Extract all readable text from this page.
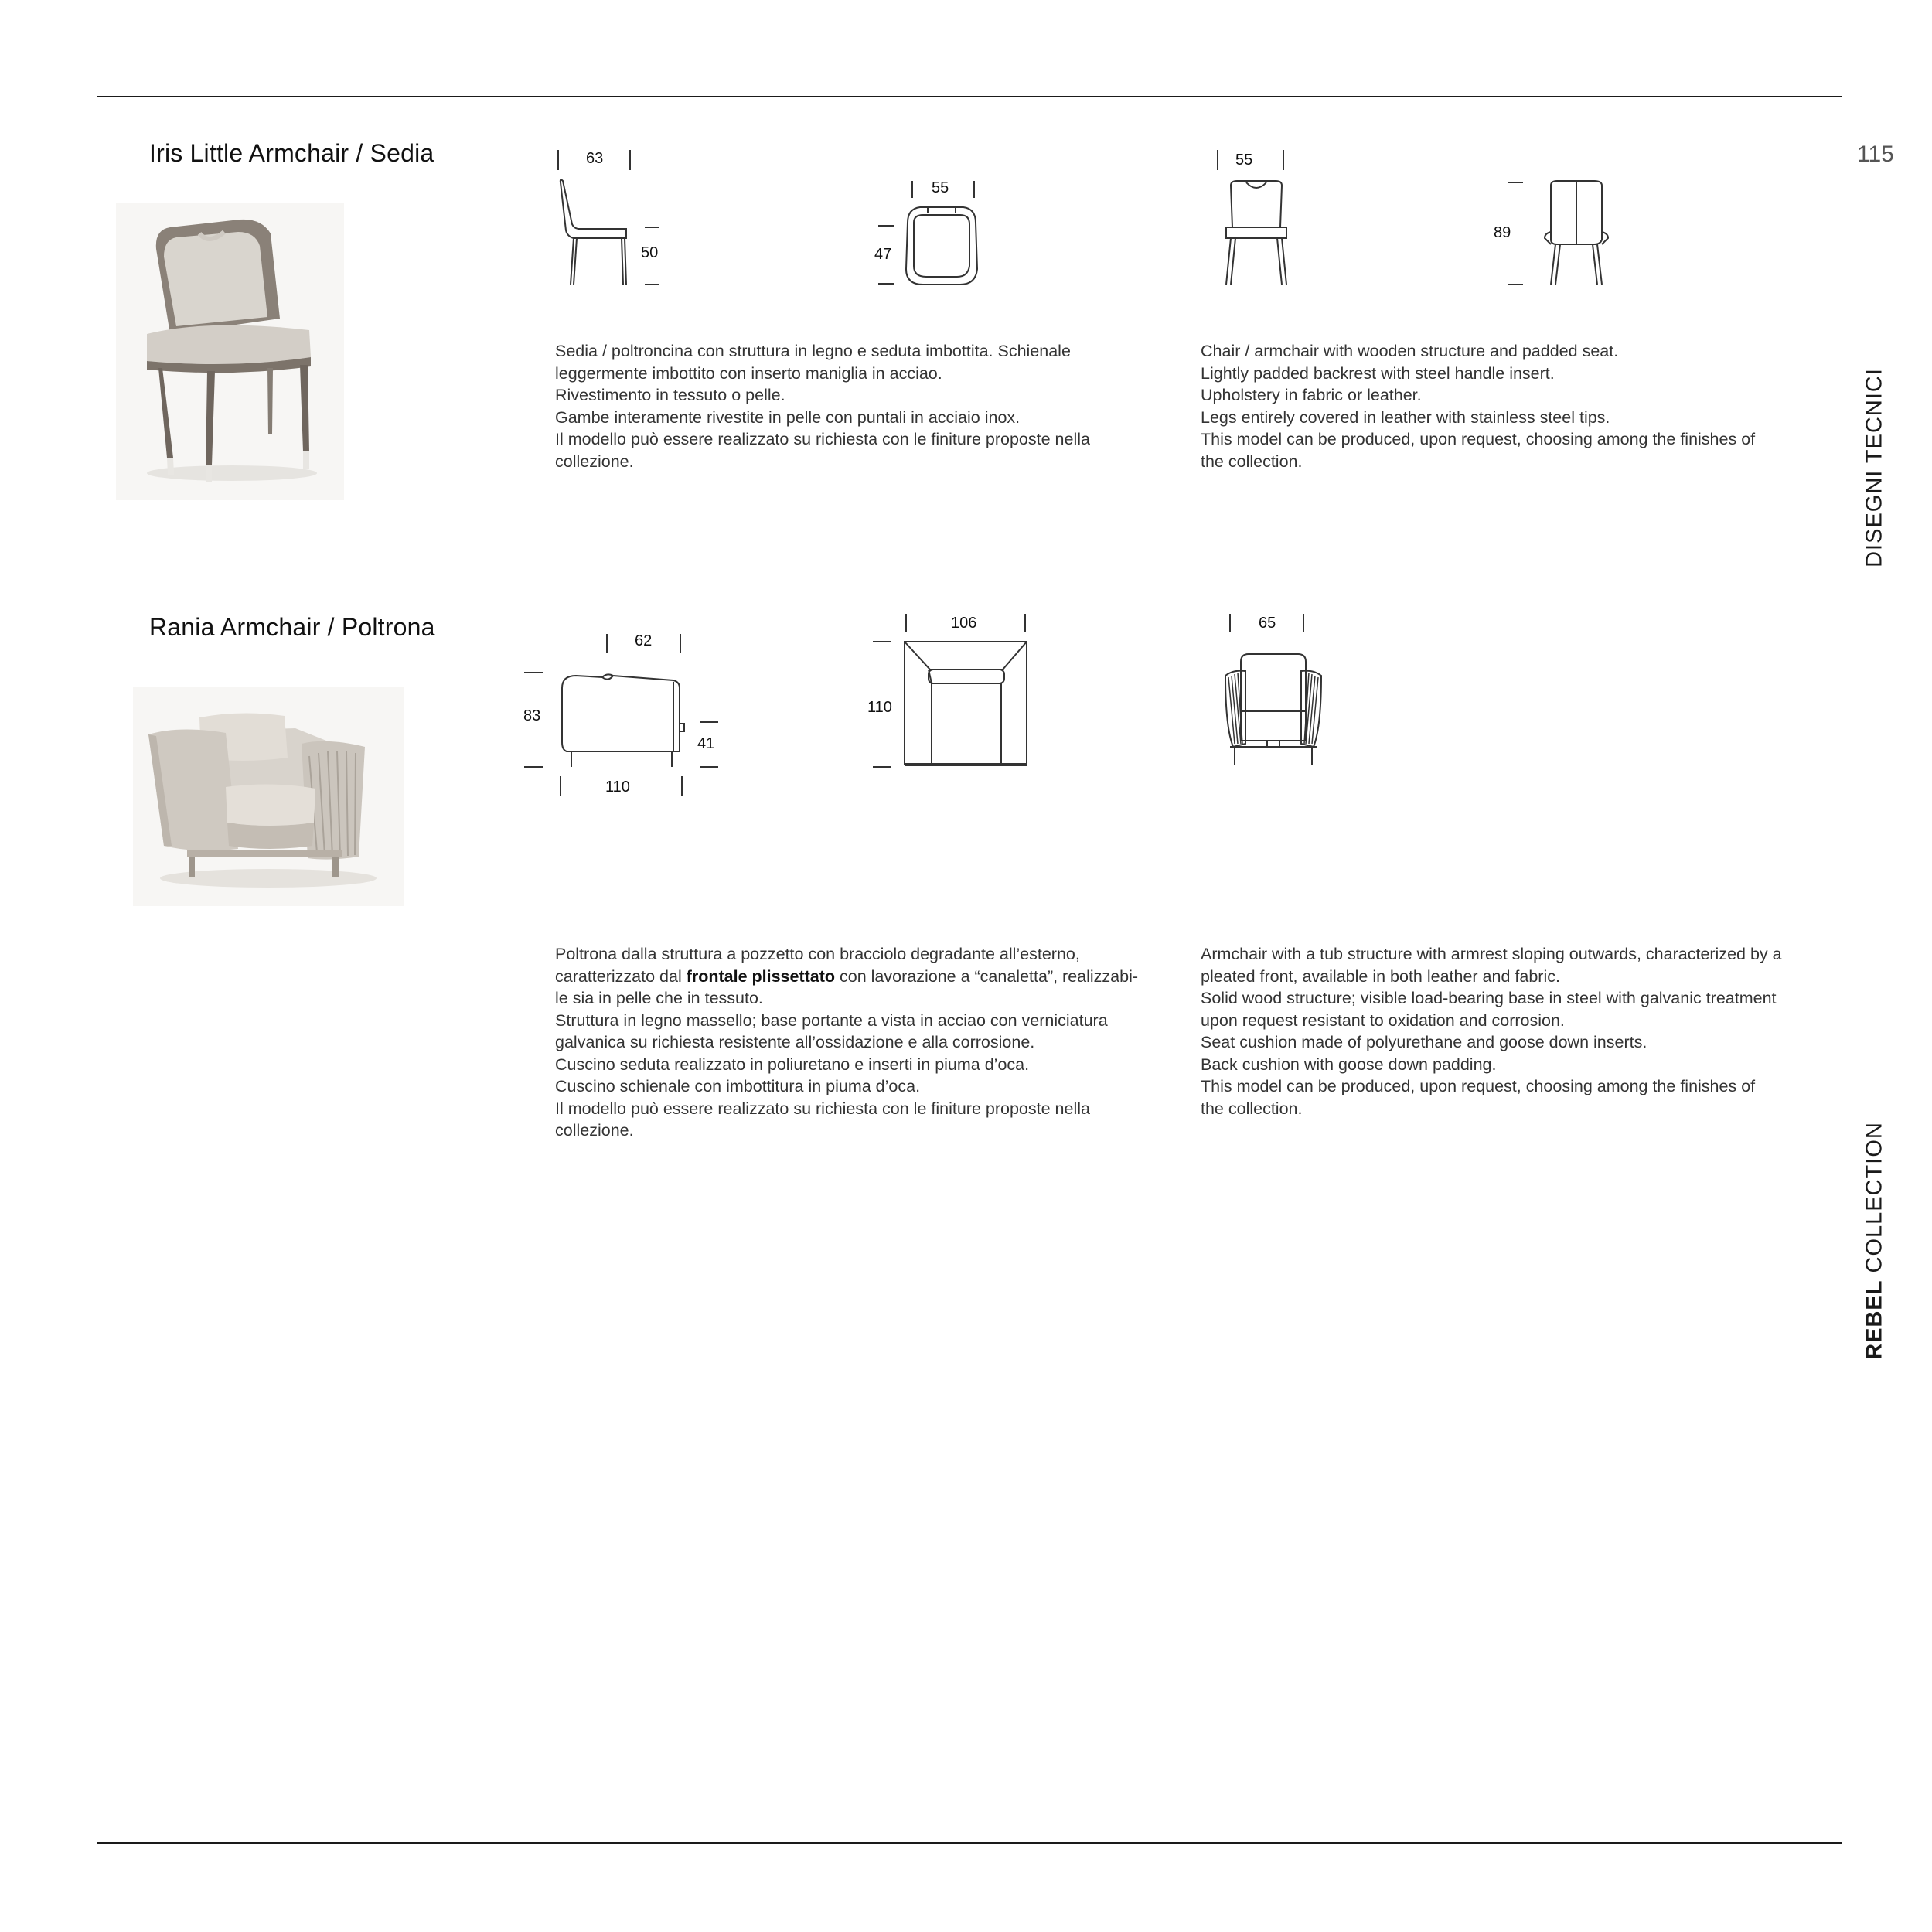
115
DISEGNI TECNICI
REBEL COLLECTION
Iris Little Armchair / Sedia	63
50
55
47
55
89

Sedia / poltroncina con struttura in legno e seduta imbottita. Schienale

leggermente imbottito con inserto maniglia in acciao.

Rivestimento in tessuto o pelle.

Gambe interamente rivestite in pelle con puntali in acciaio inox.

Il modello può essere realizzato su richiesta con le finiture proposte nella

collezione.

Chair / armchair with wooden structure and padded seat.

Lightly padded backrest with steel handle insert.

Upholstery in fabric or leather.

Legs entirely covered in leather with stainless steel tips.

This model can be produced, upon request, choosing among the finishes of

the collection.

Rania Armchair / Poltrona	62
83
41
110
106
110
65

Poltrona dalla struttura a pozzetto con bracciolo degradante all’esterno,

caratterizzato dal frontale plissettato con lavorazione a “canaletta”, realizzabi-

le sia in pelle che in tessuto.

Struttura in legno massello; base portante a vista in acciao con verniciatura

galvanica su richiesta resistente all’ossidazione e alla corrosione.

Cuscino seduta realizzato in poliuretano e inserti in piuma d’oca.

Cuscino schienale con imbottitura in piuma d’oca.

Il modello può essere realizzato su richiesta con le finiture proposte nella

collezione.

Armchair with a tub structure with armrest sloping outwards, characterized by a

pleated front, available in both leather and fabric.

Solid wood structure; visible load-bearing base in steel with galvanic treatment

upon request resistant to oxidation and corrosion.

Seat cushion made of polyurethane and goose down inserts.

Back cushion with goose down padding.

This model can be produced, upon request, choosing among the finishes of

the collection.
